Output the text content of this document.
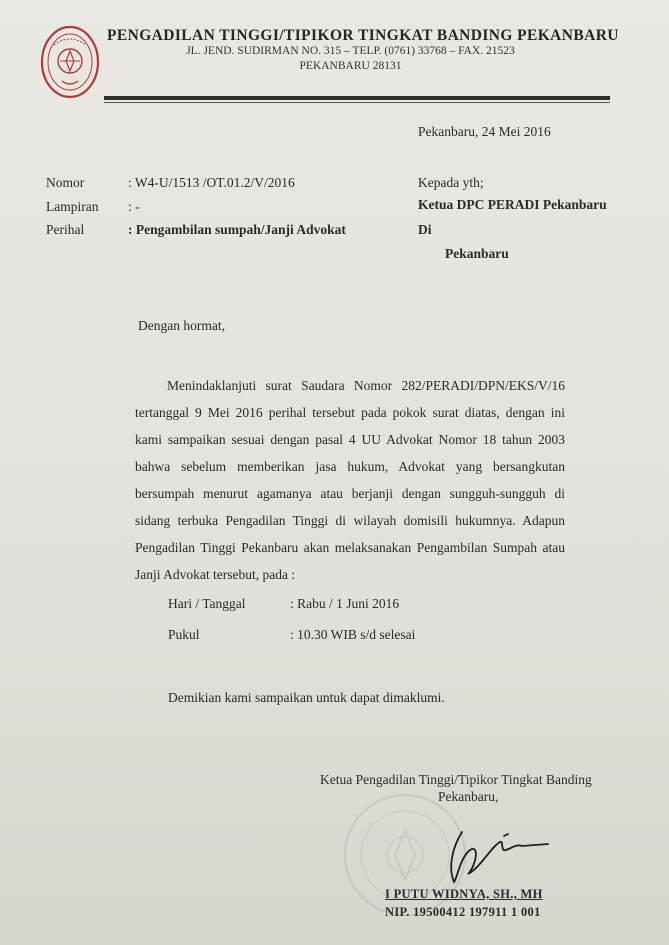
PENGADILAN TINGGI/TIPIKOR TINGKAT BANDING PEKANBARU
JL. JEND. SUDIRMAN NO. 315 – TELP. (0761) 33768 – FAX. 21523
PEKANBARU 28131
Pekanbaru, 24 Mei 2016
Nomor	: W4-U/1513 /OT.01.2/V/2016
Lampiran : -
Perihal	: Pengambilan sumpah/Janji Advokat
Kepada yth;
Ketua DPC PERADI Pekanbaru
Di
Pekanbaru
Dengan hormat,
Menindaklanjuti surat Saudara Nomor 282/PERADI/DPN/EKS/V/16 tertanggal 9 Mei 2016 perihal tersebut pada pokok surat diatas, dengan ini kami sampaikan sesuai dengan pasal 4 UU Advokat Nomor 18 tahun 2003 bahwa sebelum memberikan jasa hukum, Advokat yang bersangkutan bersumpah menurut agamanya atau berjanji dengan sungguh-sungguh di sidang terbuka Pengadilan Tinggi di wilayah domisili hukumnya. Adapun Pengadilan Tinggi Pekanbaru akan melaksanakan Pengambilan Sumpah atau Janji Advokat tersebut, pada :
Hari / Tanggal	: Rabu / 1 Juni 2016
Pukul	: 10.30 WIB s/d selesai
Demikian kami sampaikan untuk dapat dimaklumi.
Ketua Pengadilan Tinggi/Tipikor Tingkat Banding
Pekanbaru,
I PUTU WIDNYA, SH., MH
NIP. 19500412 197911 1 001
